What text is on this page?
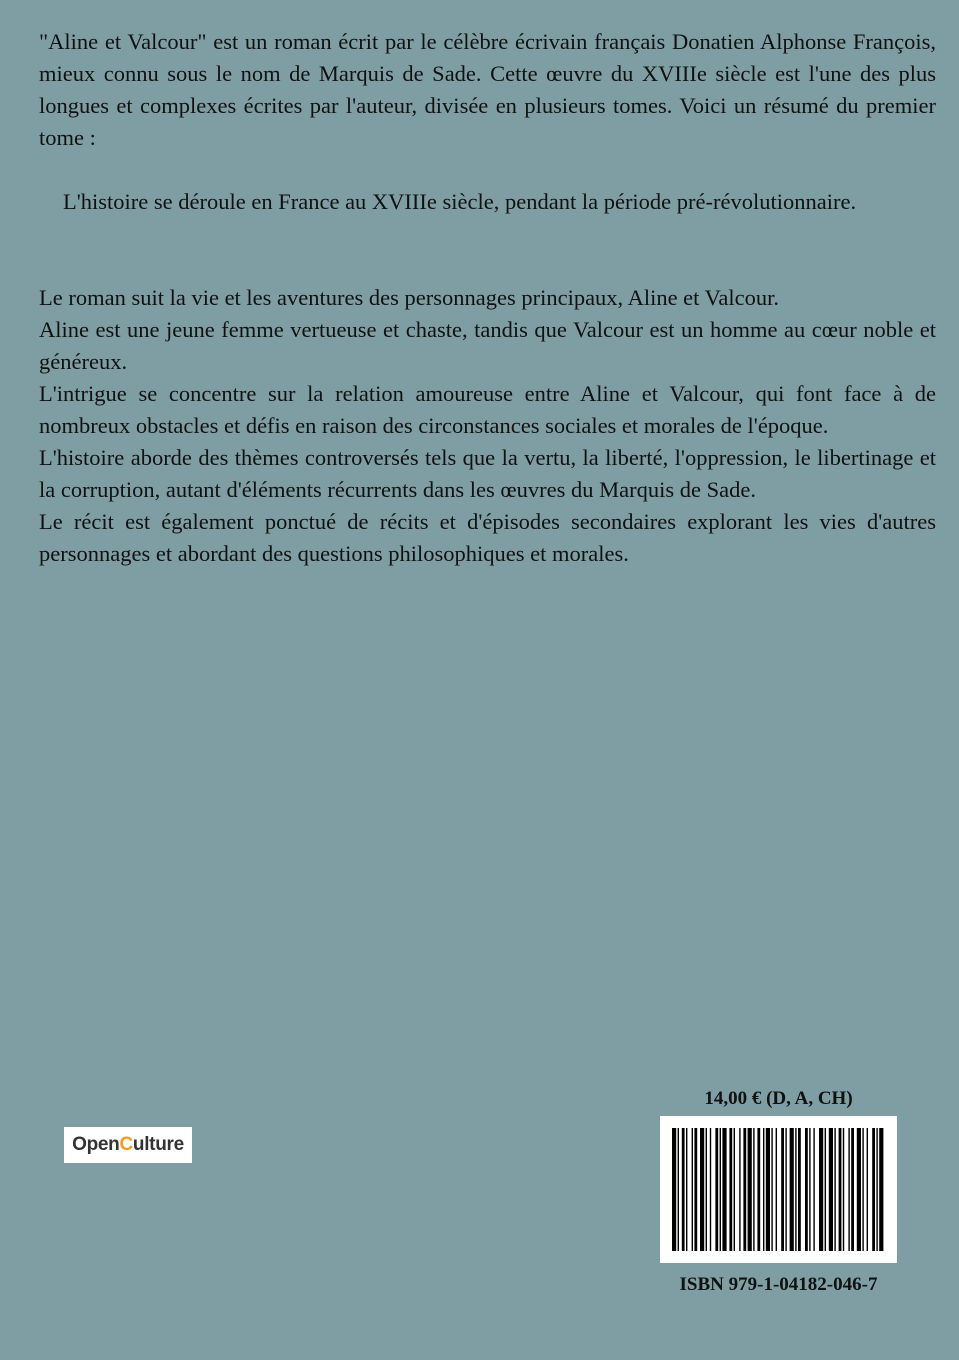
"Aline et Valcour" est un roman écrit par le célèbre écrivain français Donatien Alphonse François, mieux connu sous le nom de Marquis de Sade. Cette œuvre du XVIIIe siècle est l'une des plus longues et complexes écrites par l'auteur, divisée en plusieurs tomes. Voici un résumé du premier tome :

L'histoire se déroule en France au XVIIIe siècle, pendant la période pré-révolutionnaire.

Le roman suit la vie et les aventures des personnages principaux, Aline et Valcour.

Aline est une jeune femme vertueuse et chaste, tandis que Valcour est un homme au cœur noble et généreux.

L'intrigue se concentre sur la relation amoureuse entre Aline et Valcour, qui font face à de nombreux obstacles et défis en raison des circonstances sociales et morales de l'époque.

L'histoire aborde des thèmes controversés tels que la vertu, la liberté, l'oppression, le libertinage et la corruption, autant d'éléments récurrents dans les œuvres du Marquis de Sade.

Le récit est également ponctué de récits et d'épisodes secondaires explorant les vies d'autres personnages et abordant des questions philosophiques et morales.

Open C ulture
14,00 € (D, A, CH)
ISBN 979-1-04182-046-7
